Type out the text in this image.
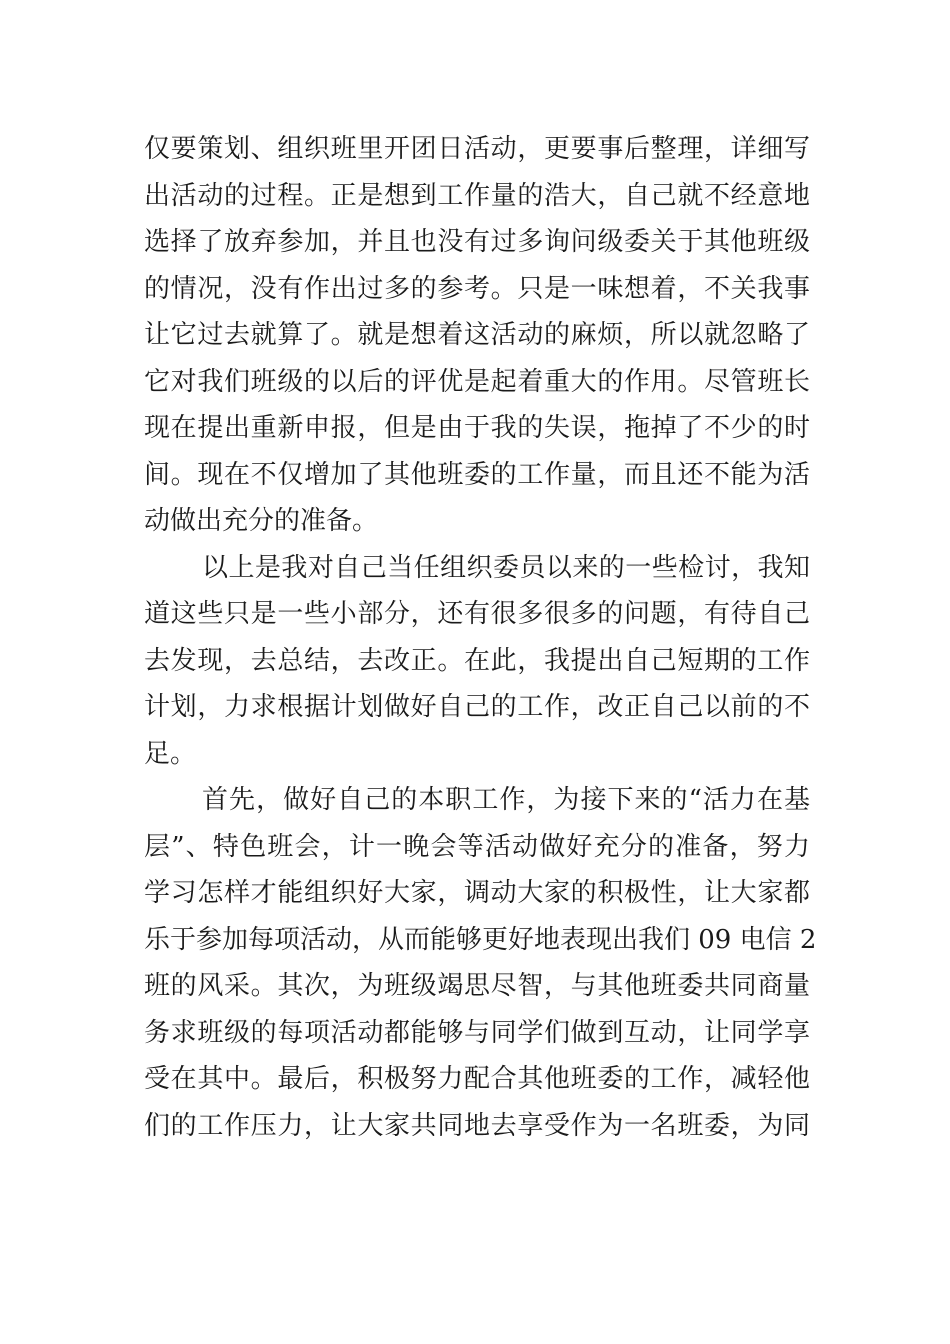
仅要策划、组织班里开团日活动，更要事后整理，详细写
出活动的过程。正是想到工作量的浩大，自己就不经意地
选择了放弃参加，并且也没有过多询问级委关于其他班级
的情况，没有作出过多的参考。只是一味想着，不关我事
让它过去就算了。就是想着这活动的麻烦，所以就忽略了
它对我们班级的以后的评优是起着重大的作用。尽管班长
现在提出重新申报，但是由于我的失误，拖掉了不少的时
间。现在不仅增加了其他班委的工作量，而且还不能为活
动做出充分的准备。
以上是我对自己当任组织委员以来的一些检讨，我知
道这些只是一些小部分，还有很多很多的问题，有待自己
去发现，去总结，去改正。在此，我提出自己短期的工作
计划，力求根据计划做好自己的工作，改正自己以前的不
足。
首先，做好自己的本职工作，为接下来的“活力在基
层”、特色班会，计一晚会等活动做好充分的准备，努力
学习怎样才能组织好大家，调动大家的积极性，让大家都
乐于参加每项活动，从而能够更好地表现出我们 09 电信 2
班的风采。其次，为班级竭思尽智，与其他班委共同商量
务求班级的每项活动都能够与同学们做到互动，让同学享
受在其中。最后，积极努力配合其他班委的工作，减轻他
们的工作压力，让大家共同地去享受作为一名班委，为同
